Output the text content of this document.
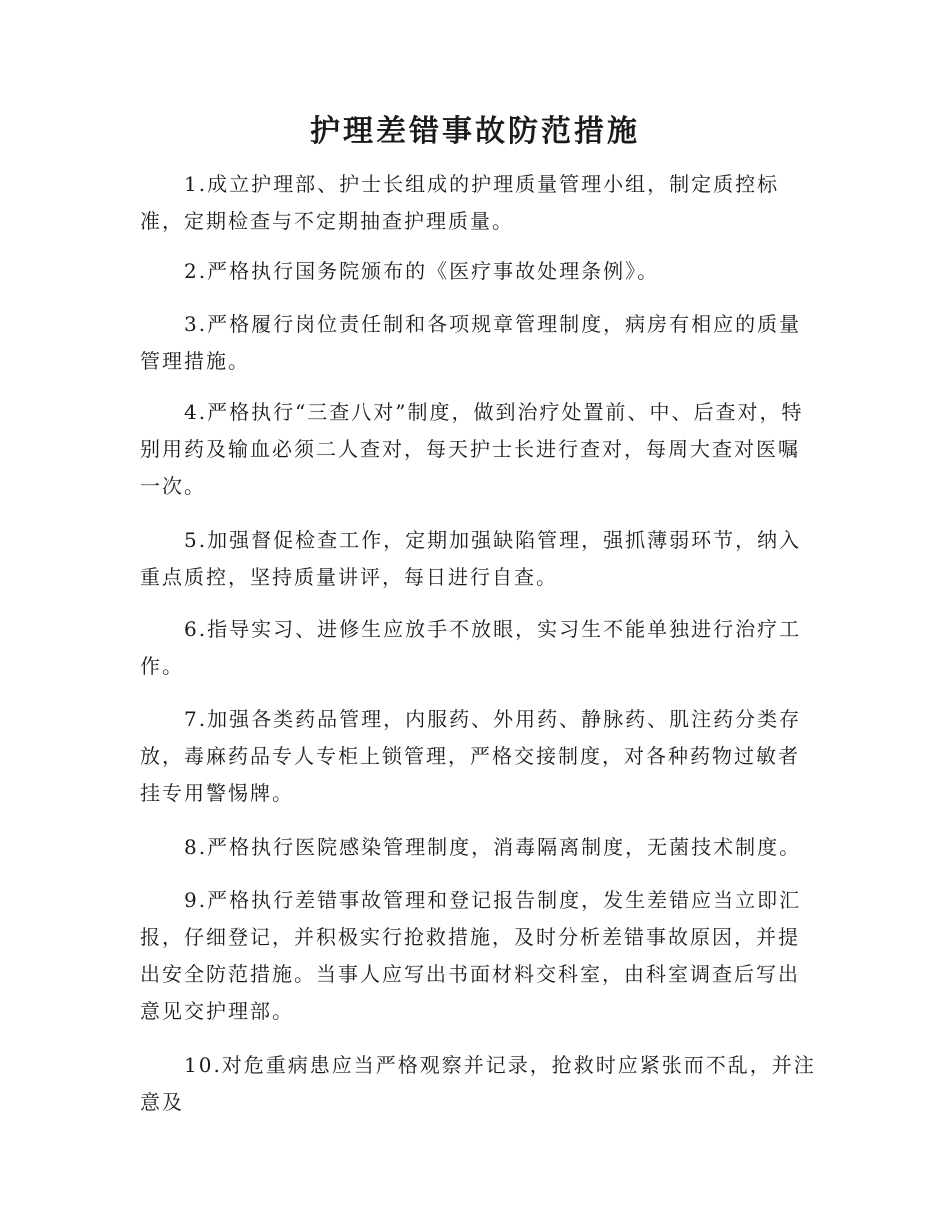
护理差错事故防范措施

1.成立护理部、护士长组成的护理质量管理小组，制定质控标准，定期检查与不定期抽查护理质量。

2.严格执行国务院颁布的《医疗事故处理条例》。

3.严格履行岗位责任制和各项规章管理制度，病房有相应的质量管理措施。

4.严格执行“三查八对”制度，做到治疗处置前、中、后查对，特别用药及输血必须二人查对，每天护士长进行查对，每周大查对医嘱一次。

5.加强督促检查工作，定期加强缺陷管理，强抓薄弱环节，纳入重点质控，坚持质量讲评，每日进行自查。

6.指导实习、进修生应放手不放眼，实习生不能单独进行治疗工作。

7.加强各类药品管理，内服药、外用药、静脉药、肌注药分类存放，毒麻药品专人专柜上锁管理，严格交接制度，对各种药物过敏者挂专用警惕牌。

8.严格执行医院感染管理制度，消毒隔离制度，无菌技术制度。

9.严格执行差错事故管理和登记报告制度，发生差错应当立即汇报，仔细登记，并积极实行抢救措施，及时分析差错事故原因，并提出安全防范措施。当事人应写出书面材料交科室，由科室调查后写出意见交护理部。

10.对危重病患应当严格观察并记录，抢救时应紧张而不乱，并注意及
